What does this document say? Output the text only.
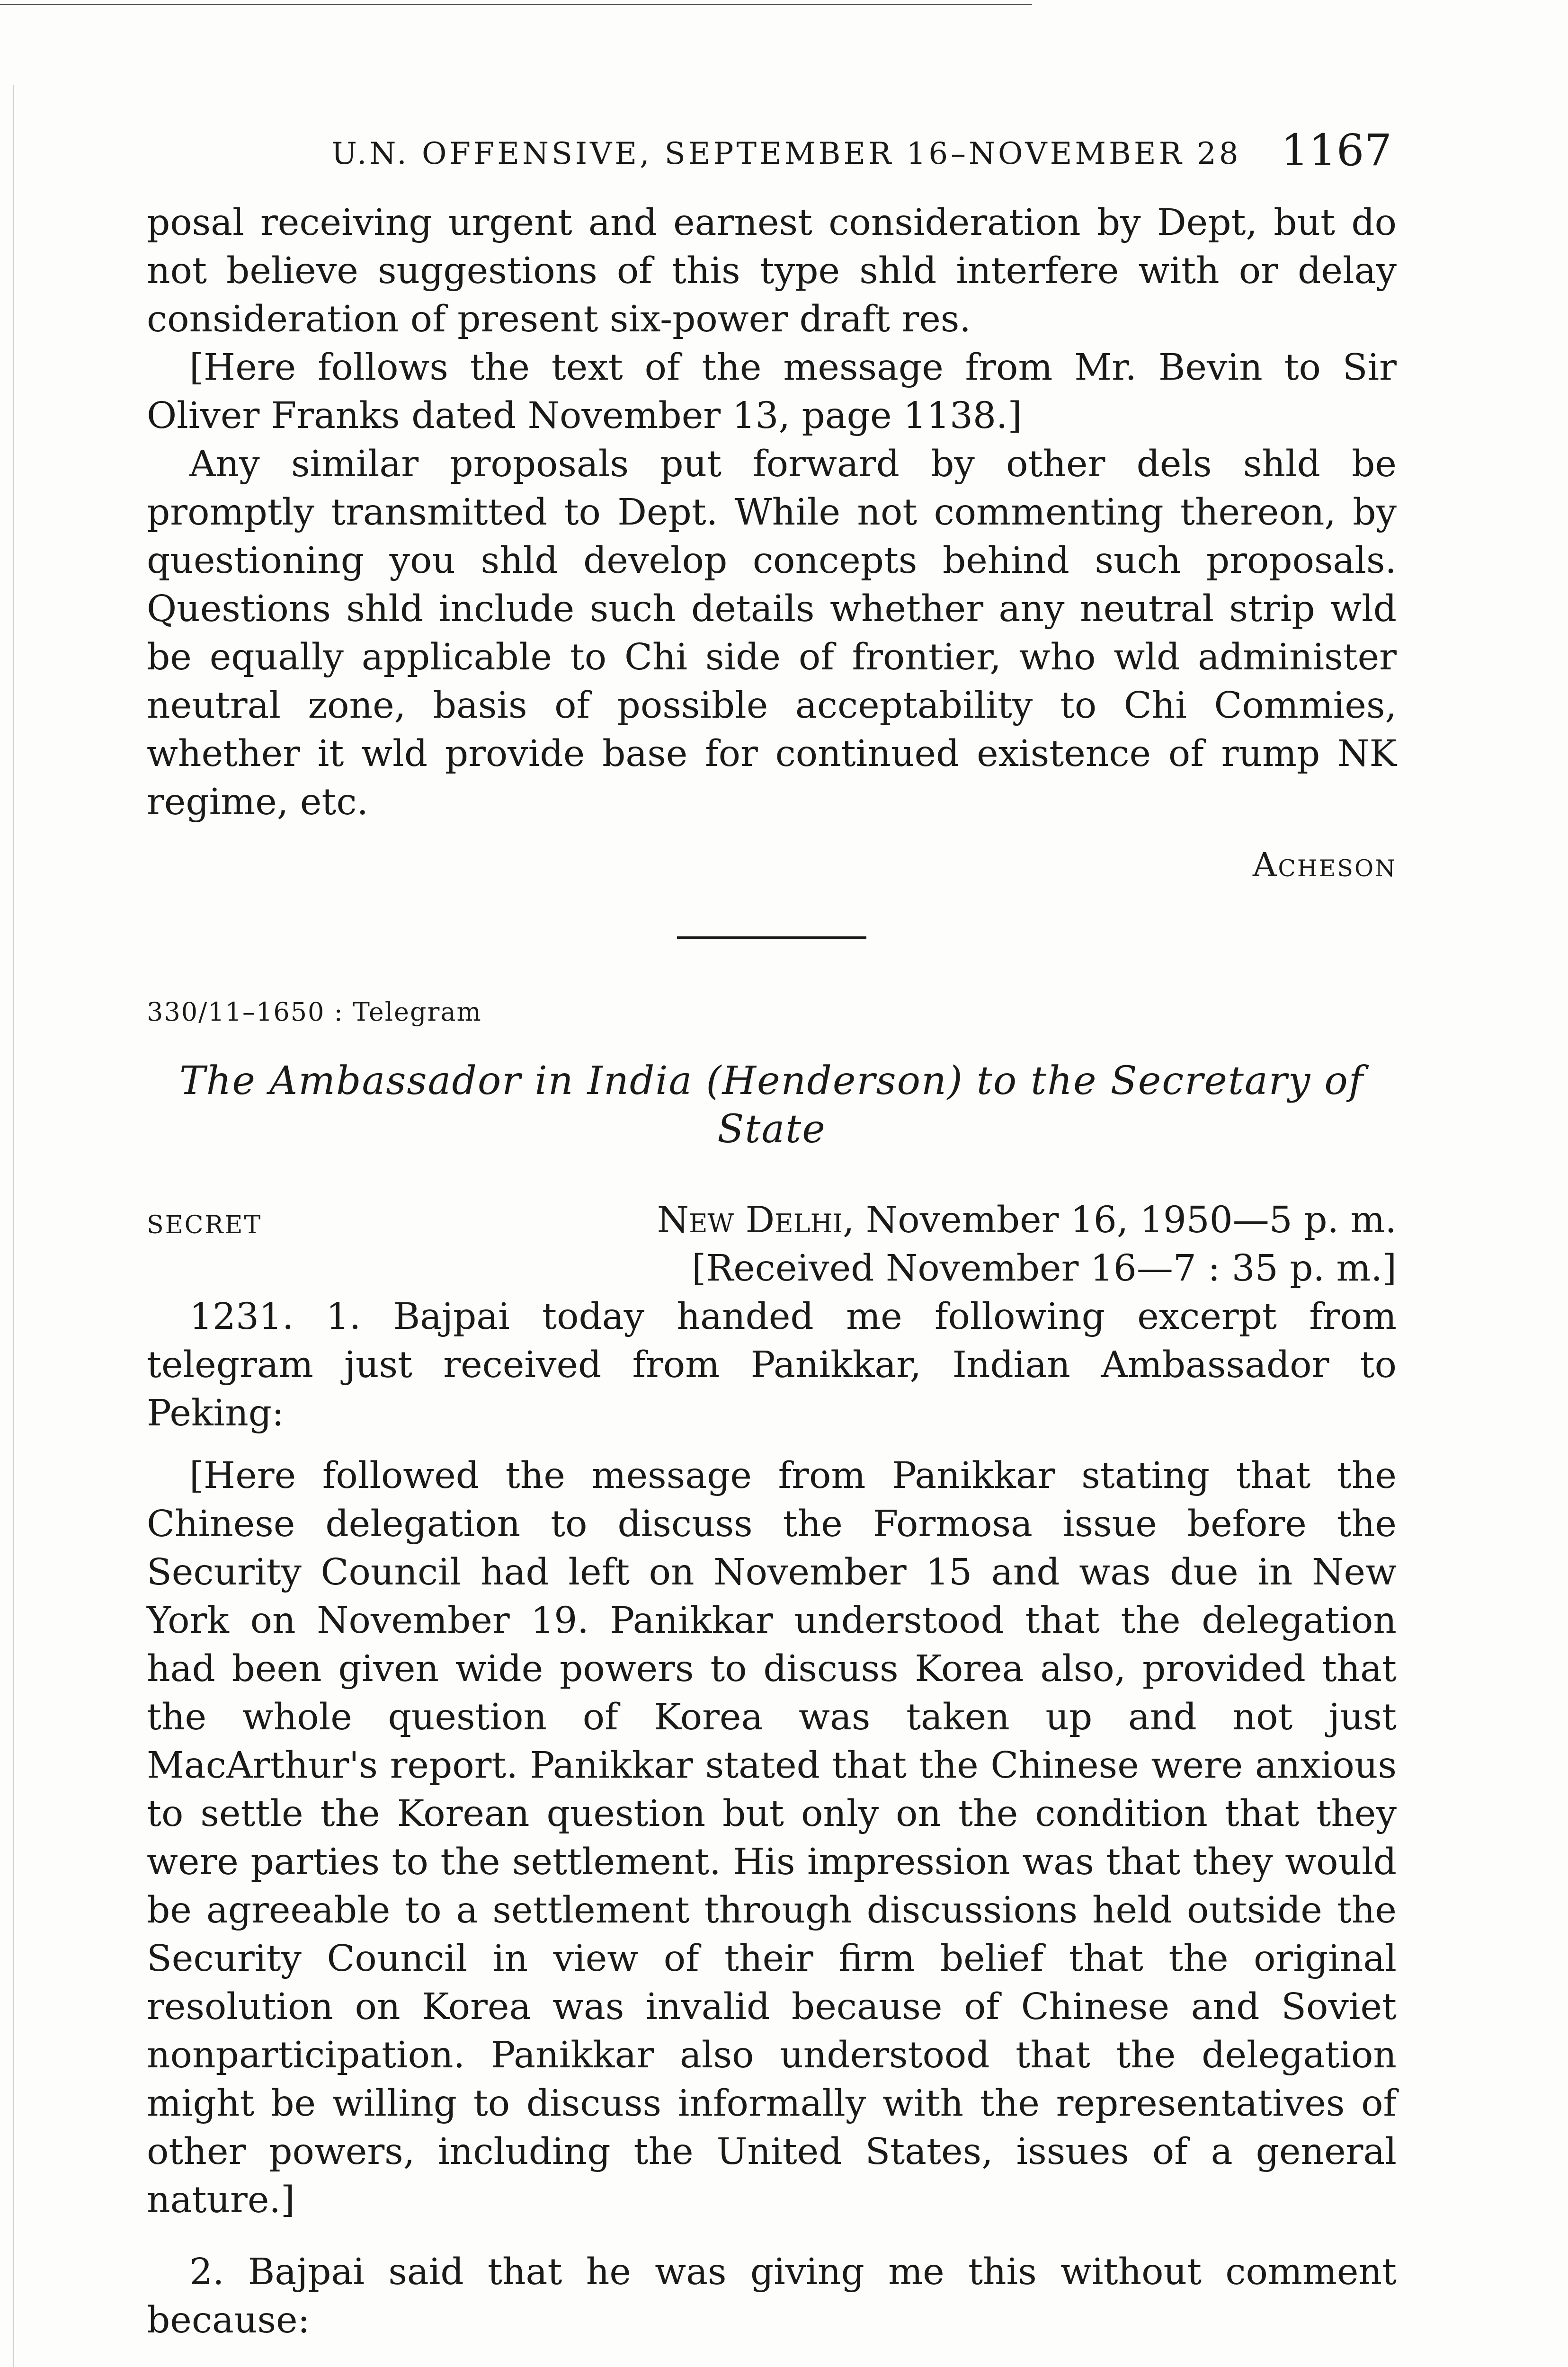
U.N. OFFENSIVE, SEPTEMBER 16–NOVEMBER 28 1167

posal receiving urgent and earnest consideration by Dept, but do not believe suggestions of this type shld interfere with or delay consideration of present six-power draft res.

[Here follows the text of the message from Mr. Bevin to Sir Oliver Franks dated November 13, page 1138.]

Any similar proposals put forward by other dels shld be promptly transmitted to Dept. While not commenting thereon, by questioning you shld develop concepts behind such proposals. Questions shld include such details whether any neutral strip wld be equally applicable to Chi side of frontier, who wld administer neutral zone, basis of possible acceptability to Chi Commies, whether it wld provide base for continued existence of rump NK regime, etc.

Acheson

330/11–1650 : Telegram

The Ambassador in India (Henderson) to the Secretary of State

SECRET	New Delhi, November 16, 1950—5 p. m.

[Received November 16—7 : 35 p. m.]

1231. 1. Bajpai today handed me following excerpt from telegram just received from Panikkar, Indian Ambassador to Peking:

[Here followed the message from Panikkar stating that the Chinese delegation to discuss the Formosa issue before the Security Council had left on November 15 and was due in New York on November 19. Panikkar understood that the delegation had been given wide powers to discuss Korea also, provided that the whole question of Korea was taken up and not just MacArthur's report. Panikkar stated that the Chinese were anxious to settle the Korean question but only on the condition that they were parties to the settlement. His impression was that they would be agreeable to a settlement through discussions held outside the Security Council in view of their firm belief that the original resolution on Korea was invalid because of Chinese and Soviet nonparticipation. Panikkar also understood that the delegation might be willing to discuss informally with the representatives of other powers, including the United States, issues of a general nature.]

2. Bajpai said that he was giving me this without comment because:
